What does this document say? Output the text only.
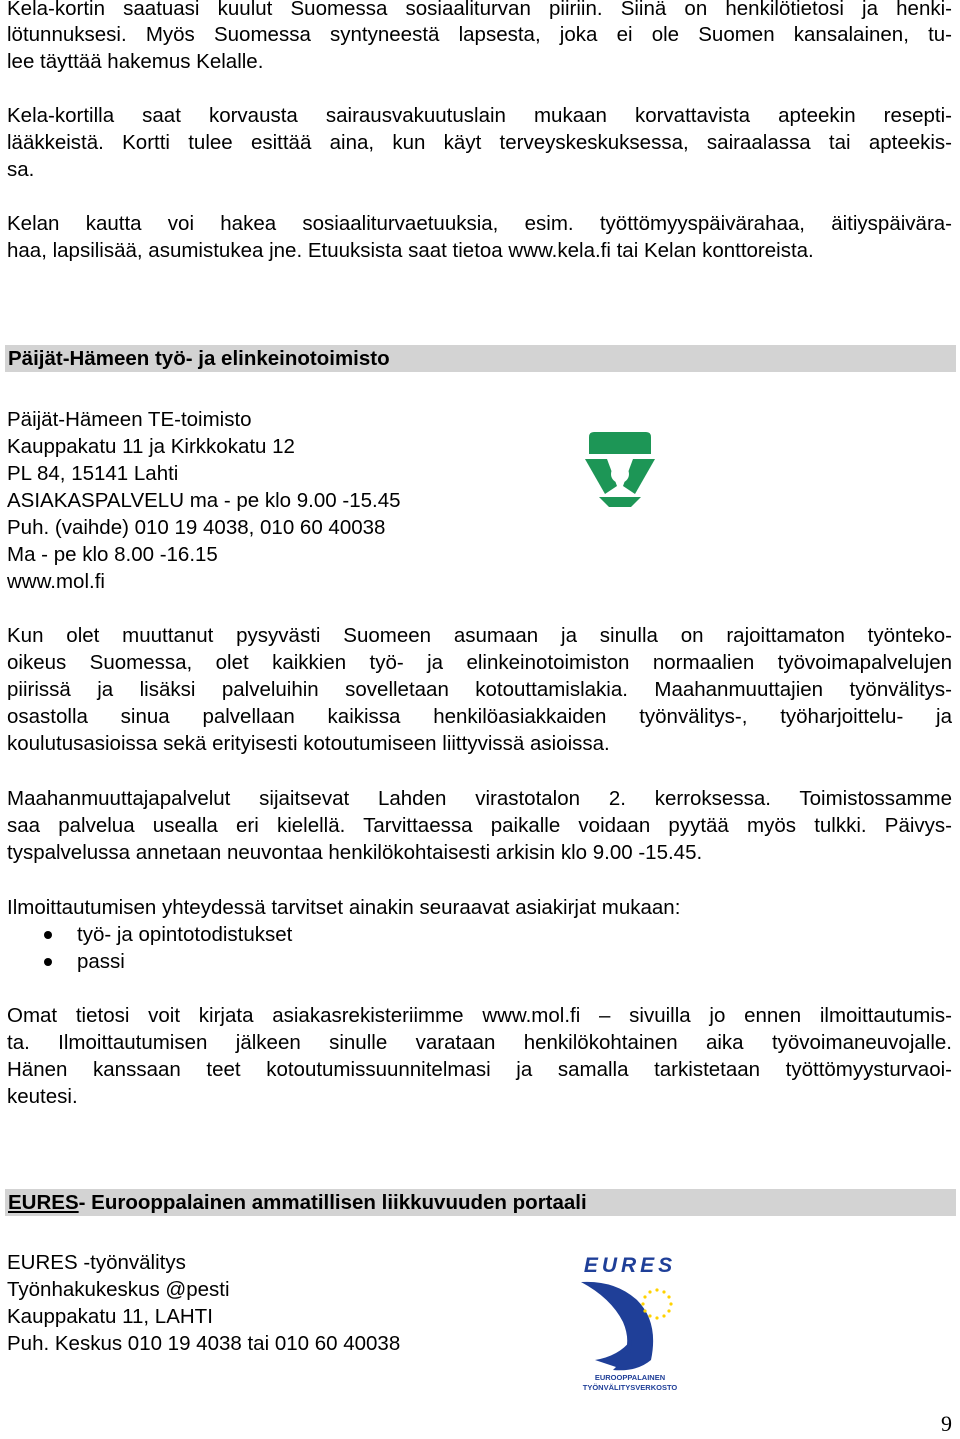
Kela-kortin saatuasi kuulut Suomessa sosiaaliturvan piiriin. Siinä on henkilötietosi ja henki-
lötunnuksesi. Myös Suomessa syntyneestä lapsesta, joka ei ole Suomen kansalainen, tu-
lee täyttää hakemus Kelalle.
Kela-kortilla saat korvausta sairausvakuutuslain mukaan korvattavista apteekin resepti-
lääkkeistä. Kortti tulee esittää aina, kun käyt terveyskeskuksessa, sairaalassa tai apteekis-
sa.
Kelan kautta voi hakea sosiaaliturvaetuuksia, esim. työttömyyspäivärahaa, äitiyspäivära-
haa, lapsilisää, asumistukea jne. Etuuksista saat tietoa www.kela.fi tai Kelan konttoreista.
Päijät-Hämeen työ- ja elinkeinotoimisto
Päijät-Hämeen TE-toimisto
Kauppakatu 11 ja Kirkkokatu 12
PL 84, 15141 Lahti
ASIAKASPALVELU ma - pe klo 9.00 -15.45
Puh. (vaihde) 010 19 4038, 010 60 40038
Ma - pe klo 8.00 -16.15
www.mol.fi
Kun olet muuttanut pysyvästi Suomeen asumaan ja sinulla on rajoittamaton työnteko-
oikeus Suomessa, olet kaikkien työ- ja elinkeinotoimiston normaalien työvoimapalvelujen
piirissä ja lisäksi palveluihin sovelletaan kotouttamislakia. Maahanmuuttajien työnvälitys-
osastolla sinua palvellaan kaikissa henkilöasiakkaiden työnvälitys-, työharjoittelu- ja
koulutusasioissa sekä erityisesti kotoutumiseen liittyvissä asioissa.
Maahanmuuttajapalvelut sijaitsevat Lahden virastotalon 2. kerroksessa. Toimistossamme
saa palvelua usealla eri kielellä. Tarvittaessa paikalle voidaan pyytää myös tulkki. Päivys-
tyspalvelussa annetaan neuvontaa henkilökohtaisesti arkisin klo 9.00 -15.45.
Ilmoittautumisen yhteydessä tarvitset ainakin seuraavat asiakirjat mukaan:
työ- ja opintotodistukset
passi
Omat tietosi voit kirjata asiakasrekisteriimme www.mol.fi – sivuilla jo ennen ilmoittautumis-
ta. Ilmoittautumisen jälkeen sinulle varataan henkilökohtainen aika työvoimaneuvojalle.
Hänen kanssaan teet kotoutumissuunnitelmasi ja samalla tarkistetaan työttömyysturvaoi-
keutesi.
EURES- Eurooppalainen ammatillisen liikkuvuuden portaali
EURES -työnvälitys
Työnhakukeskus @pesti
Kauppakatu 11, LAHTI
Puh. Keskus 010 19 4038 tai 010 60 40038
EURES
EUROOPPALAINEN
TYÖNVÄLITYSVERKOSTO
9
